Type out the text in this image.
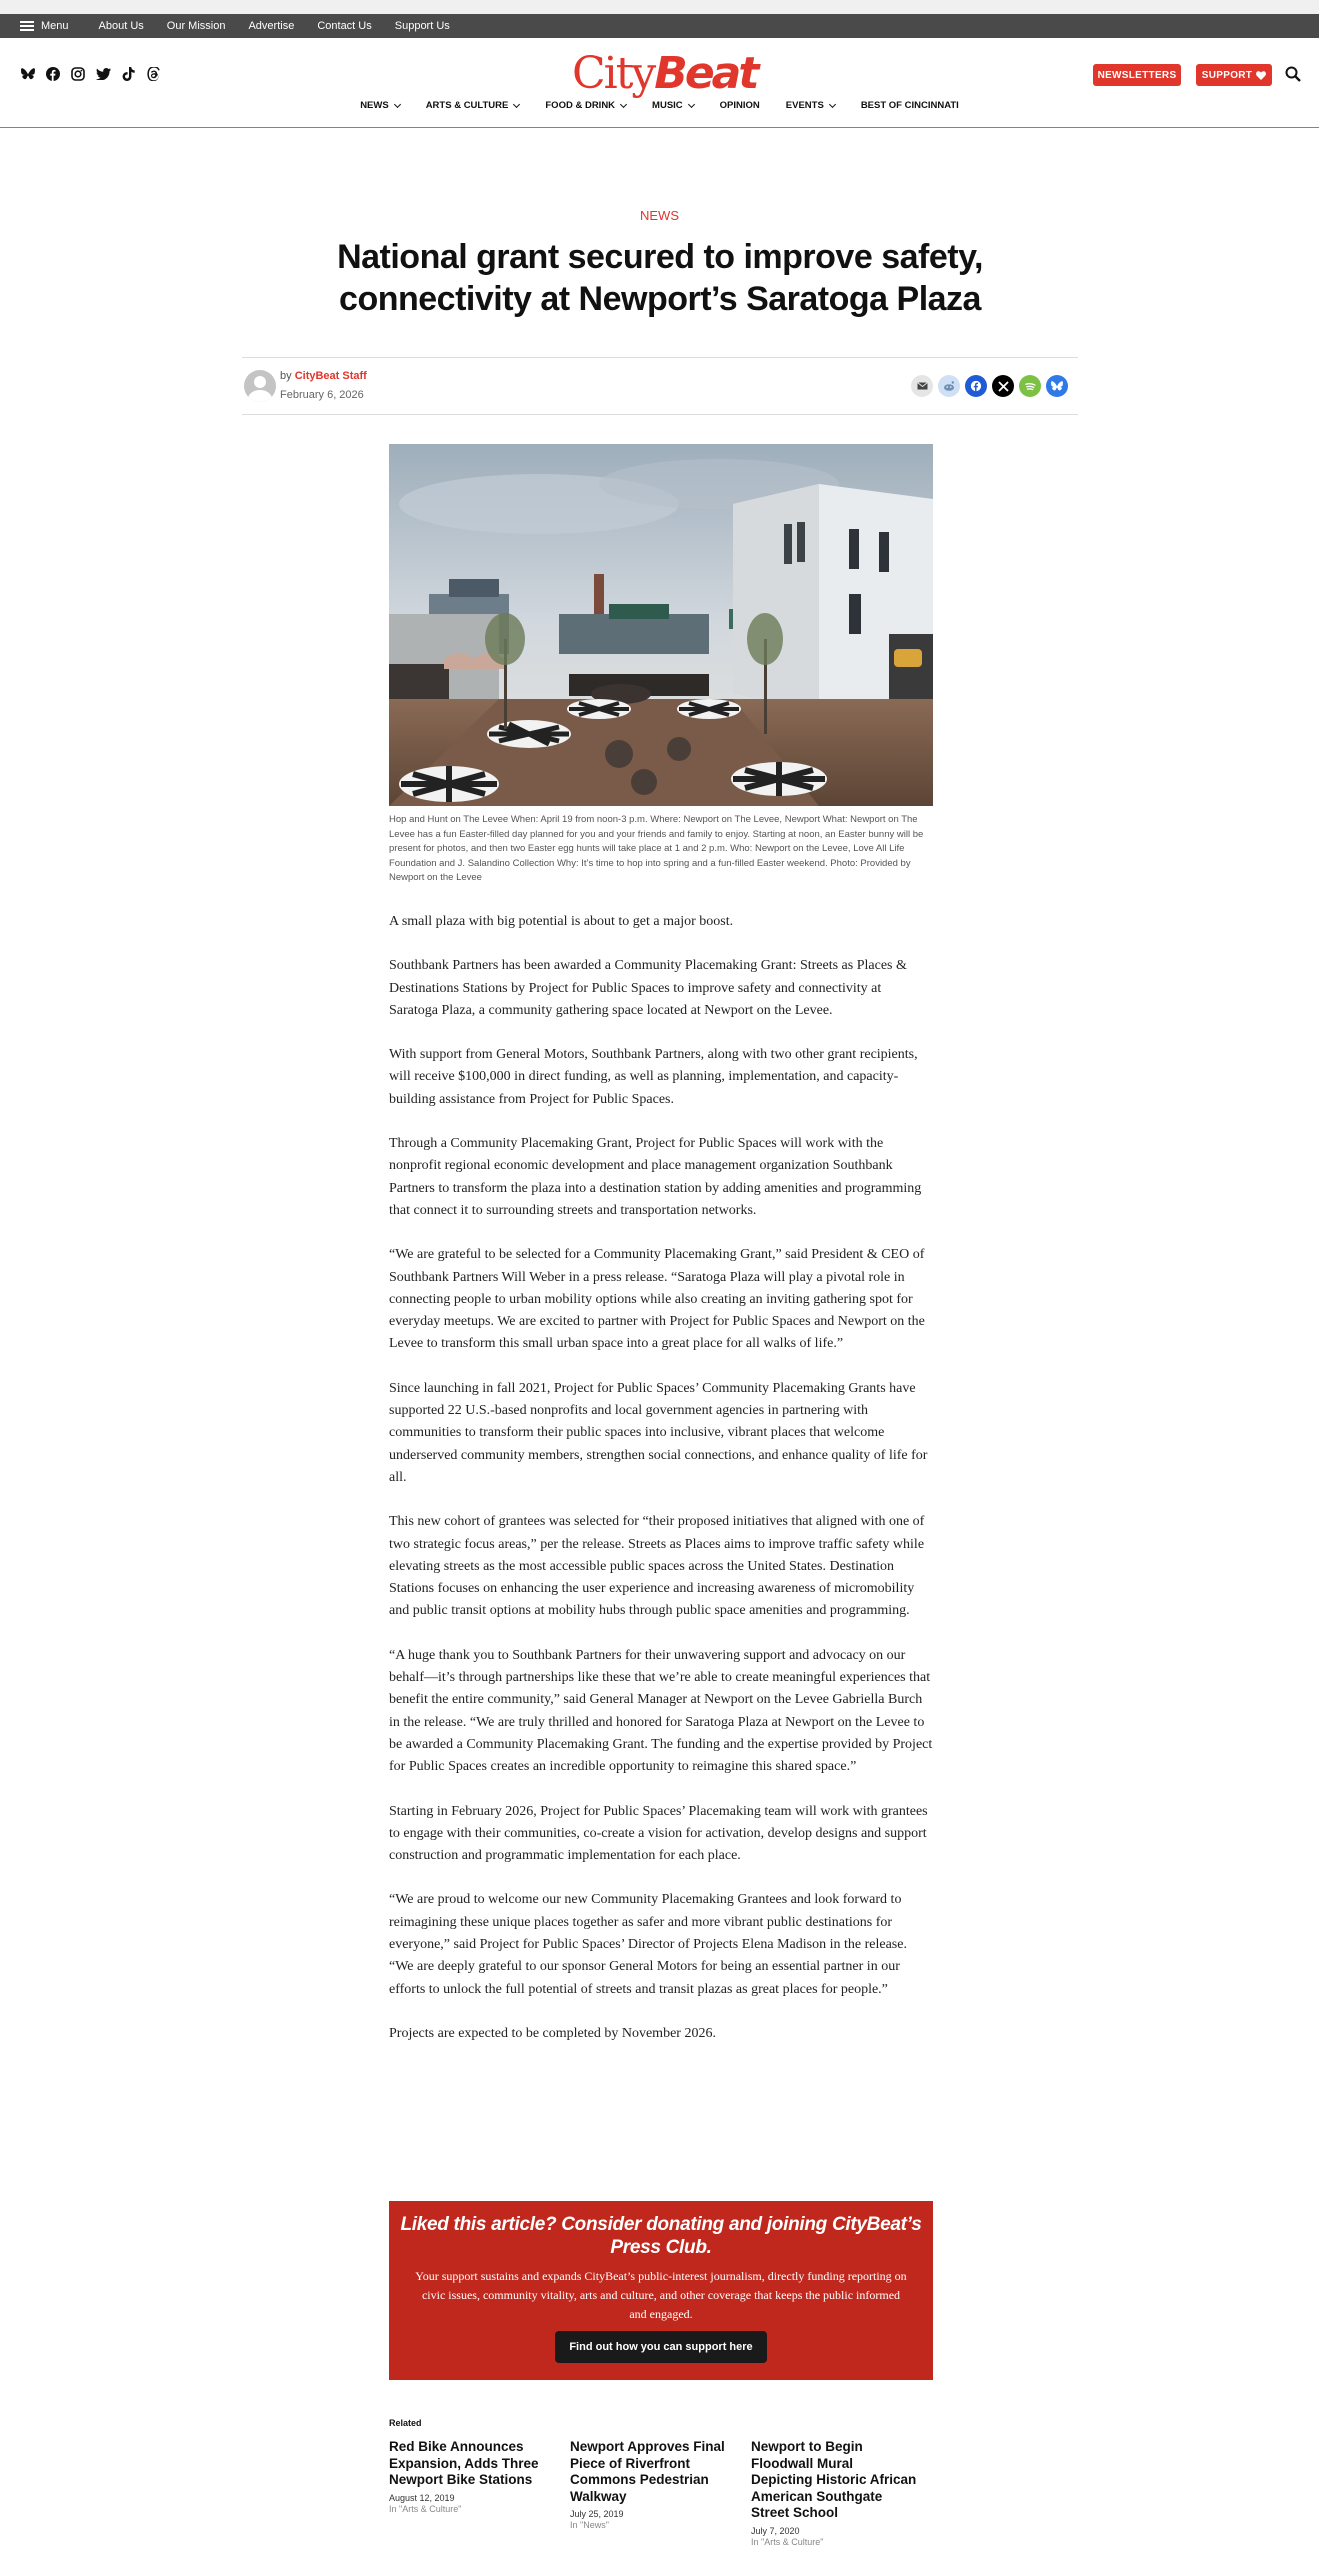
Menu	About Us Our Mission Advertise Contact Us Support Us
CityBeat	NEWSLETTERS	SUPPORT
NEWS	ARTS & CULTURE	FOOD & DRINK	MUSIC	OPINION	EVENTS	BEST OF CINCINNATI
NEWS
National grant secured to improve safety, connectivity at Newport’s Saratoga Plaza
by CityBeat Staff
February 6, 2026
Hop and Hunt on The Levee When: April 19 from noon-3 p.m. Where: Newport on The Levee, Newport What: Newport on The Levee has a fun Easter-filled day planned for you and your friends and family to enjoy. Starting at noon, an Easter bunny will be present for photos, and then two Easter egg hunts will take place at 1 and 2 p.m. Who: Newport on the Levee, Love All Life Foundation and J. Salandino Collection Why: It’s time to hop into spring and a fun-filled Easter weekend. Photo: Provided by Newport on the Levee

A small plaza with big potential is about to get a major boost.

Southbank Partners has been awarded a Community Placemaking Grant: Streets as Places & Destinations Stations by Project for Public Spaces to improve safety and connectivity at Saratoga Plaza, a community gathering space located at Newport on the Levee.

With support from General Motors, Southbank Partners, along with two other grant recipients, will receive $100,000 in direct funding, as well as planning, implementation, and capacity-building assistance from Project for Public Spaces.

Through a Community Placemaking Grant, Project for Public Spaces will work with the nonprofit regional economic development and place management organization Southbank Partners to transform the plaza into a destination station by adding amenities and programming that connect it to surrounding streets and transportation networks.

“We are grateful to be selected for a Community Placemaking Grant,” said President & CEO of Southbank Partners Will Weber in a press release. “Saratoga Plaza will play a pivotal role in connecting people to urban mobility options while also creating an inviting gathering spot for everyday meetups. We are excited to partner with Project for Public Spaces and Newport on the Levee to transform this small urban space into a great place for all walks of life.”

Since launching in fall 2021, Project for Public Spaces’ Community Placemaking Grants have supported 22 U.S.-based nonprofits and local government agencies in partnering with communities to transform their public spaces into inclusive, vibrant places that welcome underserved community members, strengthen social connections, and enhance quality of life for all.

This new cohort of grantees was selected for “their proposed initiatives that aligned with one of two strategic focus areas,” per the release. Streets as Places aims to improve traffic safety while elevating streets as the most accessible public spaces across the United States. Destination Stations focuses on enhancing the user experience and increasing awareness of micromobility and public transit options at mobility hubs through public space amenities and programming.

“A huge thank you to Southbank Partners for their unwavering support and advocacy on our behalf—it’s through partnerships like these that we’re able to create meaningful experiences that benefit the entire community,” said General Manager at Newport on the Levee Gabriella Burch in the release. “We are truly thrilled and honored for Saratoga Plaza at Newport on the Levee to be awarded a Community Placemaking Grant. The funding and the expertise provided by Project for Public Spaces creates an incredible opportunity to reimagine this shared space.”

Starting in February 2026, Project for Public Spaces’ Placemaking team will work with grantees to engage with their communities, co-create a vision for activation, develop designs and support construction and programmatic implementation for each place.

“We are proud to welcome our new Community Placemaking Grantees and look forward to reimagining these unique places together as safer and more vibrant public destinations for everyone,” said Project for Public Spaces’ Director of Projects Elena Madison in the release. “We are deeply grateful to our sponsor General Motors for being an essential partner in our efforts to unlock the full potential of streets and transit plazas as great places for people.”

Projects are expected to be completed by November 2026.

Liked this article? Consider donating and joining CityBeat’s Press Club.

Your support sustains and expands CityBeat’s public-interest journalism, directly funding reporting on civic issues, community vitality, arts and culture, and other coverage that keeps the public informed and engaged.

Find out how you can support here
Related
Red Bike Announces Expansion, Adds Three Newport Bike Stations
August 12, 2019
In "Arts & Culture"
Newport Approves Final Piece of Riverfront Commons Pedestrian Walkway
July 25, 2019
In "News"
Newport to Begin Floodwall Mural Depicting Historic African American Southgate Street School
July 7, 2020
In "Arts & Culture"
